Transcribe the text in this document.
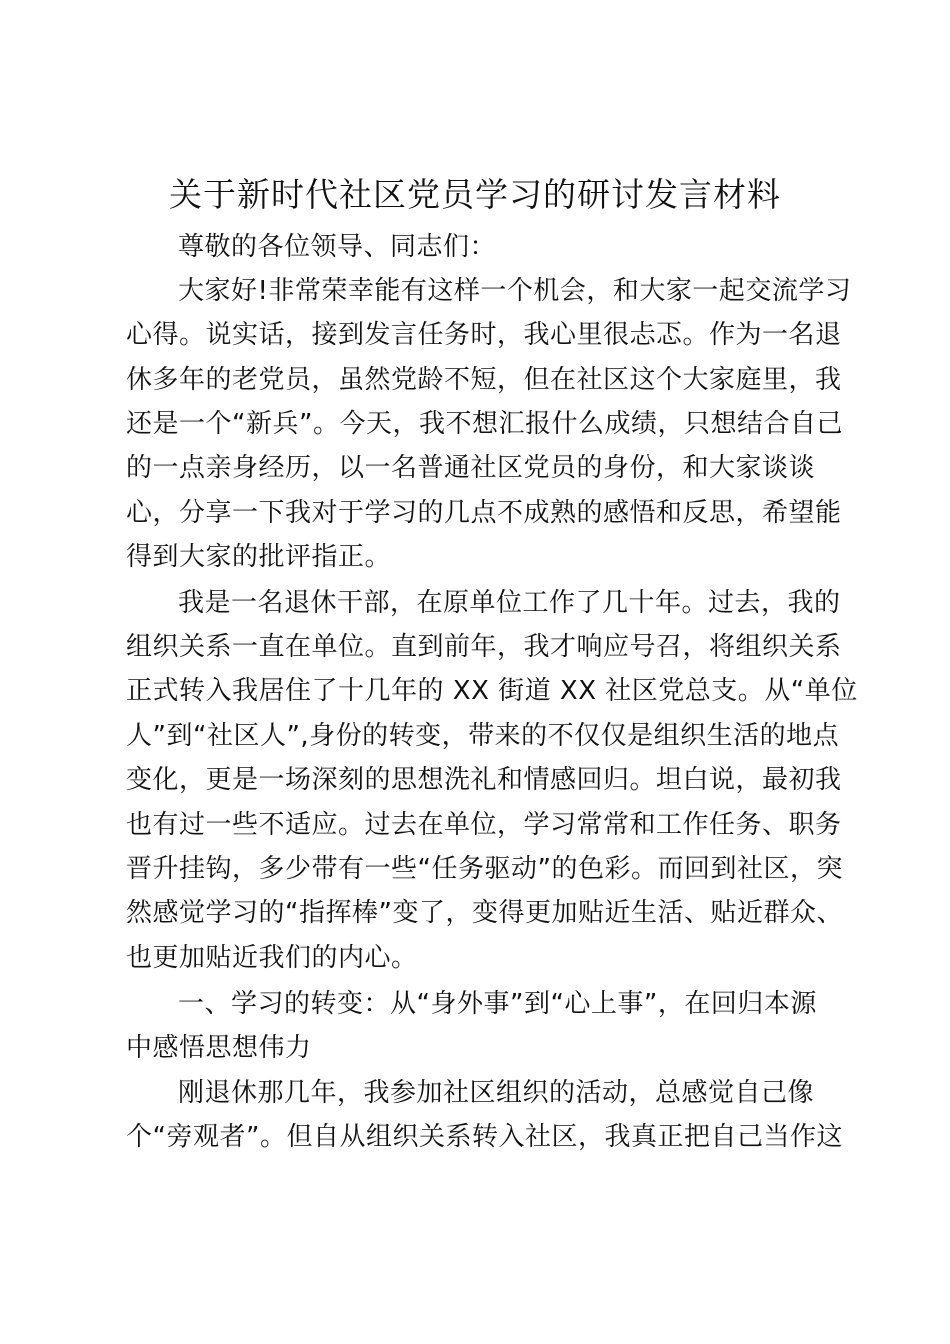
关于新时代社区党员学习的研讨发言材料
尊敬的各位领导、同志们：
大家好!非常荣幸能有这样一个机会，和大家一起交流学习
心得。说实话，接到发言任务时，我心里很忐忑。作为一名退
休多年的老党员，虽然党龄不短，但在社区这个大家庭里，我
还是一个“新兵”。今天，我不想汇报什么成绩，只想结合自己
的一点亲身经历，以一名普通社区党员的身份，和大家谈谈
心，分享一下我对于学习的几点不成熟的感悟和反思，希望能
得到大家的批评指正。
我是一名退休干部，在原单位工作了几十年。过去，我的
组织关系一直在单位。直到前年，我才响应号召，将组织关系
正式转入我居住了十几年的 XX 街道 XX 社区党总支。从“单位
人”到“社区人”,身份的转变，带来的不仅仅是组织生活的地点
变化，更是一场深刻的思想洗礼和情感回归。坦白说，最初我
也有过一些不适应。过去在单位，学习常常和工作任务、职务
晋升挂钩，多少带有一些“任务驱动”的色彩。而回到社区，突
然感觉学习的“指挥棒”变了，变得更加贴近生活、贴近群众、
也更加贴近我们的内心。
一、学习的转变：从“身外事”到“心上事”，在回归本源
中感悟思想伟力
刚退休那几年，我参加社区组织的活动，总感觉自己像
个“旁观者”。但自从组织关系转入社区，我真正把自己当作这
